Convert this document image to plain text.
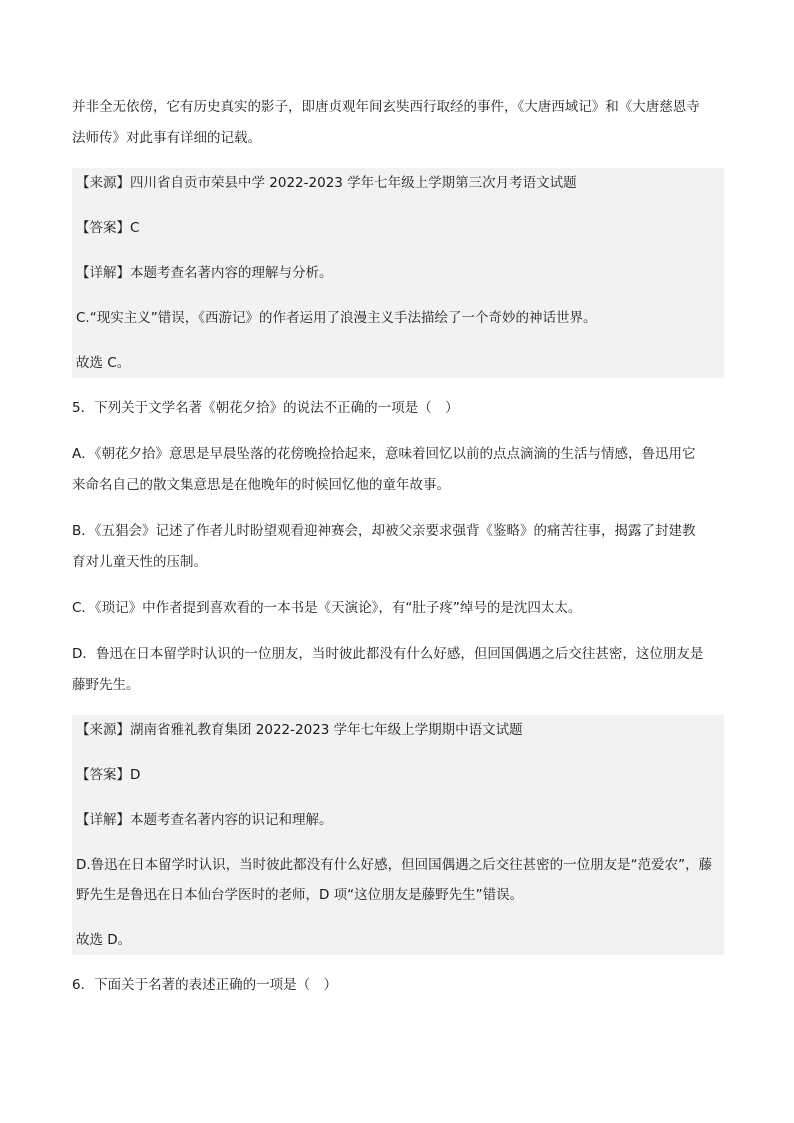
并非全无依傍，它有历史真实的影子，即唐贞观年间玄奘西行取经的事件，《大唐西域记》和《大唐慈恩寺

法师传》对此事有详细的记载。

【来源】四川省自贡市荣县中学 2022-2023 学年七年级上学期第三次月考语文试题
【答案】C
【详解】本题考查名著内容的理解与分析。
C.“现实主义”错误，《西游记》的作者运用了浪漫主义手法描绘了一个奇妙的神话世界。
故选 C。

5．下列关于文学名著《朝花夕拾》的说法不正确的一项是（　）

A．《朝花夕拾》意思是早晨坠落的花傍晚捡拾起来，意味着回忆以前的点点滴滴的生活与情感，鲁迅用它

来命名自己的散文集意思是在他晚年的时候回忆他的童年故事。

B．《五猖会》记述了作者儿时盼望观看迎神赛会，却被父亲要求强背《鉴略》的痛苦往事，揭露了封建教

育对儿童天性的压制。

C．《琐记》中作者提到喜欢看的一本书是《天演论》，有“肚子疼”绰号的是沈四太太。

D．鲁迅在日本留学时认识的一位朋友，当时彼此都没有什么好感，但回国偶遇之后交往甚密，这位朋友是

藤野先生。

【来源】湖南省雅礼教育集团 2022-2023 学年七年级上学期期中语文试题
【答案】D
【详解】本题考查名著内容的识记和理解。
D.鲁迅在日本留学时认识，当时彼此都没有什么好感，但回国偶遇之后交往甚密的一位朋友是“范爱农”，藤
野先生是鲁迅在日本仙台学医时的老师，D 项“这位朋友是藤野先生”错误。
故选 D。

6．下面关于名著的表述正确的一项是（　）
